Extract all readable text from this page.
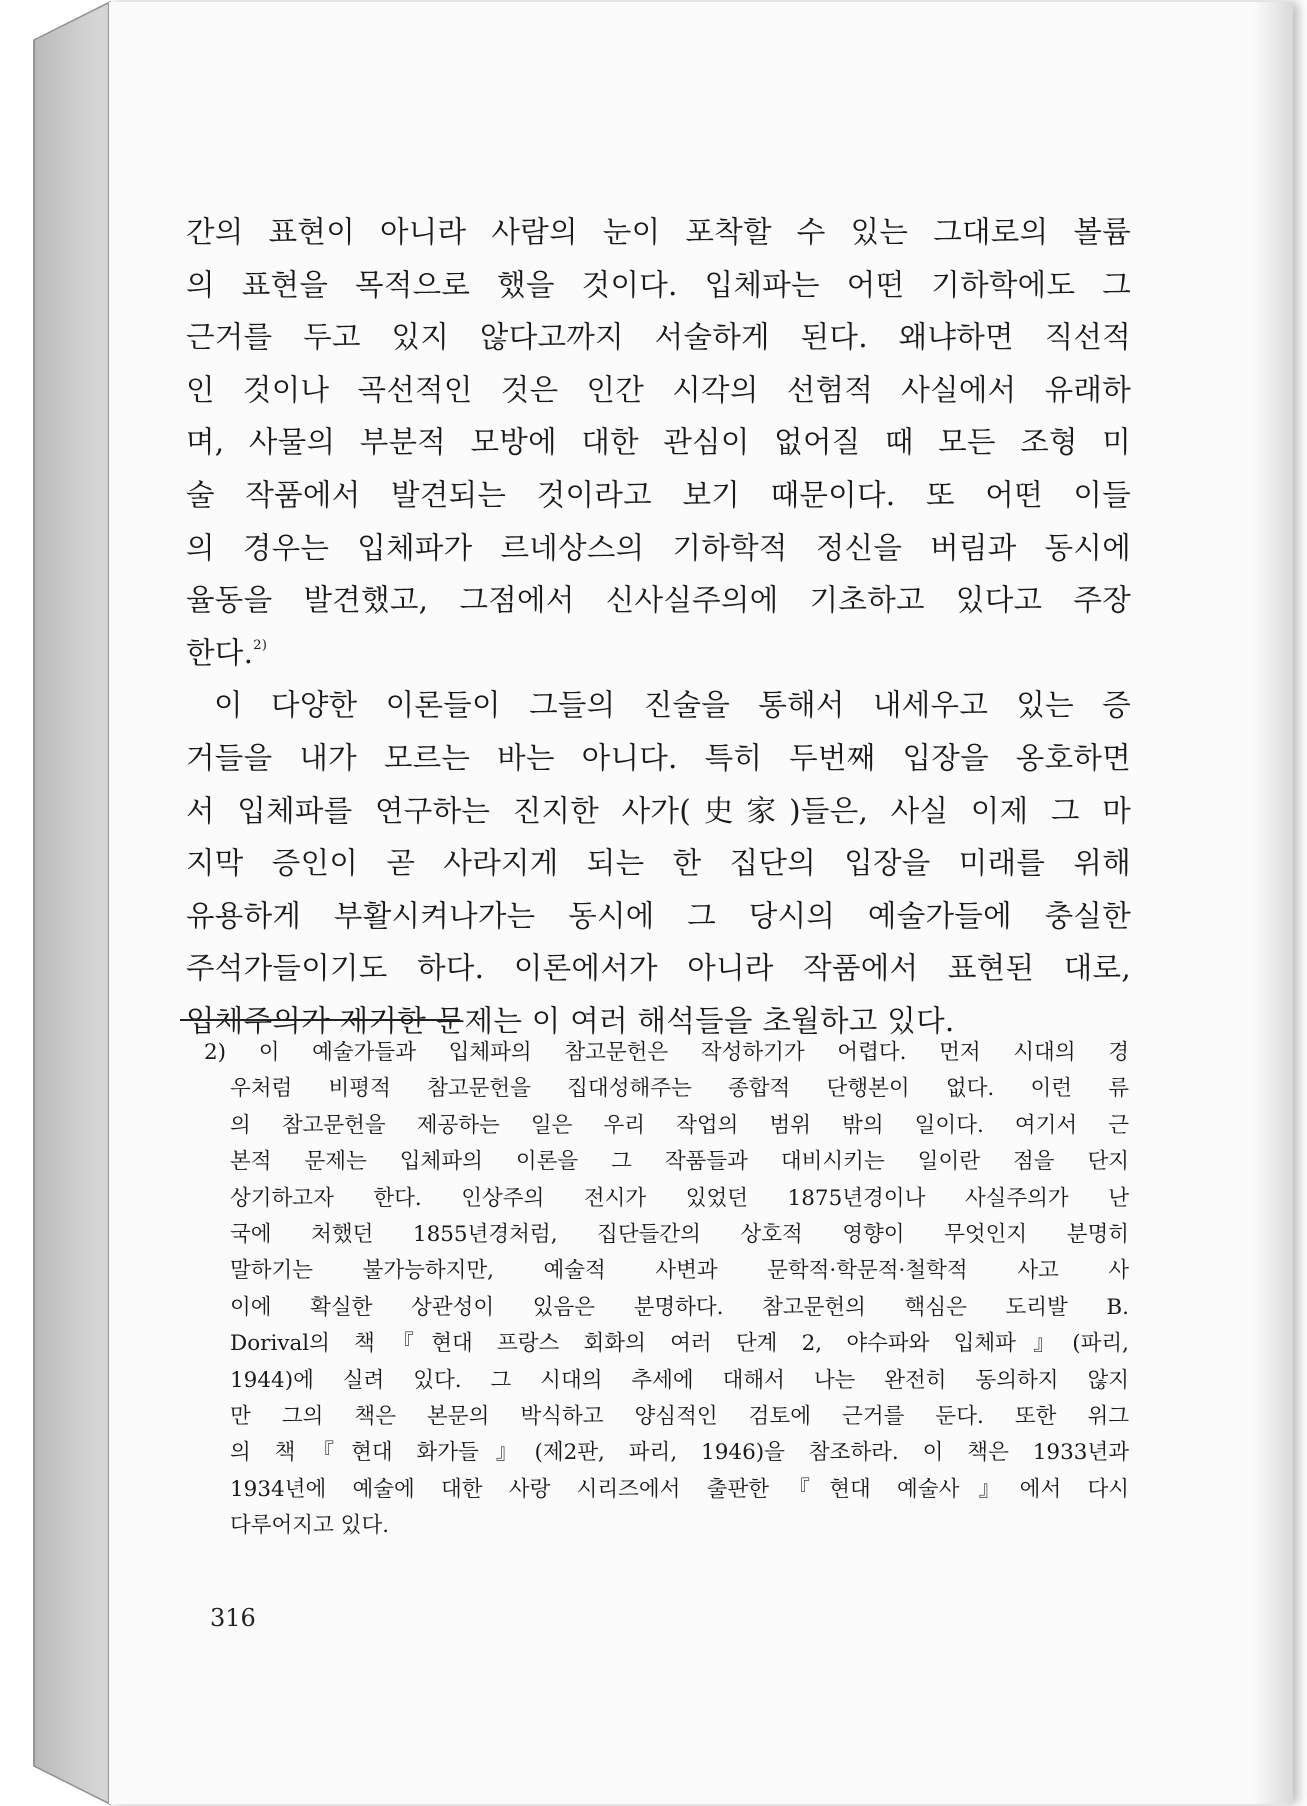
간의 표현이 아니라 사람의 눈이 포착할 수 있는 그대로의 볼륨
의 표현을 목적으로 했을 것이다. 입체파는 어떤 기하학에도 그
근거를 두고 있지 않다고까지 서술하게 된다. 왜냐하면 직선적
인 것이나 곡선적인 것은 인간 시각의 선험적 사실에서 유래하
며, 사물의 부분적 모방에 대한 관심이 없어질 때 모든 조형 미
술 작품에서 발견되는 것이라고 보기 때문이다. 또 어떤 이들
의 경우는 입체파가 르네상스의 기하학적 정신을 버림과 동시에
율동을 발견했고, 그점에서 신사실주의에 기초하고 있다고 주장
한다.$^{2)}$
이 다양한 이론들이 그들의 진술을 통해서 내세우고 있는 증
거들을 내가 모르는 바는 아니다. 특히 두번째 입장을 옹호하면
서 입체파를 연구하는 진지한 사가(史家)들은, 사실 이제 그 마
지막 증인이 곧 사라지게 되는 한 집단의 입장을 미래를 위해
유용하게 부활시켜나가는 동시에 그 당시의 예술가들에 충실한
주석가들이기도 하다. 이론에서가 아니라 작품에서 표현된 대로,
입체주의가 제기한 문제는 이 여러 해석들을 초월하고 있다.
2) 이 예술가들과 입체파의 참고문헌은 작성하기가 어렵다. 먼저 시대의 경
우처럼 비평적 참고문헌을 집대성해주는 종합적 단행본이 없다. 이런 류
의 참고문헌을 제공하는 일은 우리 작업의 범위 밖의 일이다. 여기서 근
본적 문제는 입체파의 이론을 그 작품들과 대비시키는 일이란 점을 단지
상기하고자 한다. 인상주의 전시가 있었던 1875년경이나 사실주의가 난
국에 처했던 1855년경처럼, 집단들간의 상호적 영향이 무엇인지 분명히
말하기는 불가능하지만, 예술적 사변과 문학적·학문적·철학적 사고 사
이에 확실한 상관성이 있음은 분명하다. 참고문헌의 핵심은 도리발 B.
Dorival의 책『현대 프랑스 회화의 여러 단계 2, 야수파와 입체파』(파리,
1944)에 실려 있다. 그 시대의 추세에 대해서 나는 완전히 동의하지 않지
만 그의 책은 본문의 박식하고 양심적인 검토에 근거를 둔다. 또한 위그
의 책『현대 화가들』(제2판, 파리, 1946)을 참조하라. 이 책은 1933년과
1934년에 예술에 대한 사랑 시리즈에서 출판한『현대 예술사』에서 다시
다루어지고 있다.
316
